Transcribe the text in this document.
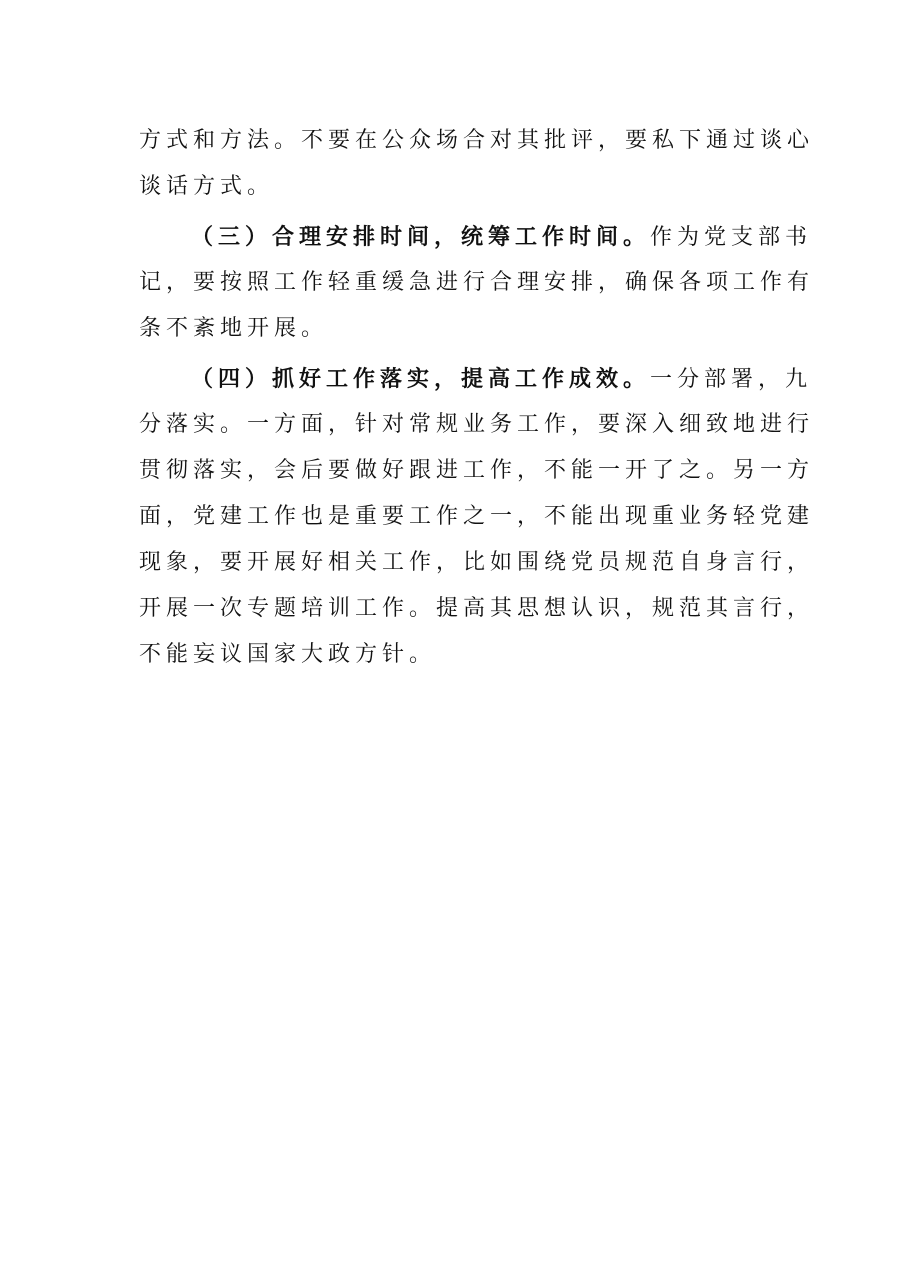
方式和方法。不要在公众场合对其批评，要私下通过谈心
谈话方式。
（三）合理安排时间，统筹工作时间。作为党支部书
记，要按照工作轻重缓急进行合理安排，确保各项工作有
条不紊地开展。
（四）抓好工作落实，提高工作成效。一分部署，九
分落实。一方面，针对常规业务工作，要深入细致地进行
贯彻落实，会后要做好跟进工作，不能一开了之。另一方
面，党建工作也是重要工作之一，不能出现重业务轻党建
现象，要开展好相关工作，比如围绕党员规范自身言行，
开展一次专题培训工作。提高其思想认识，规范其言行，
不能妄议国家大政方针。
